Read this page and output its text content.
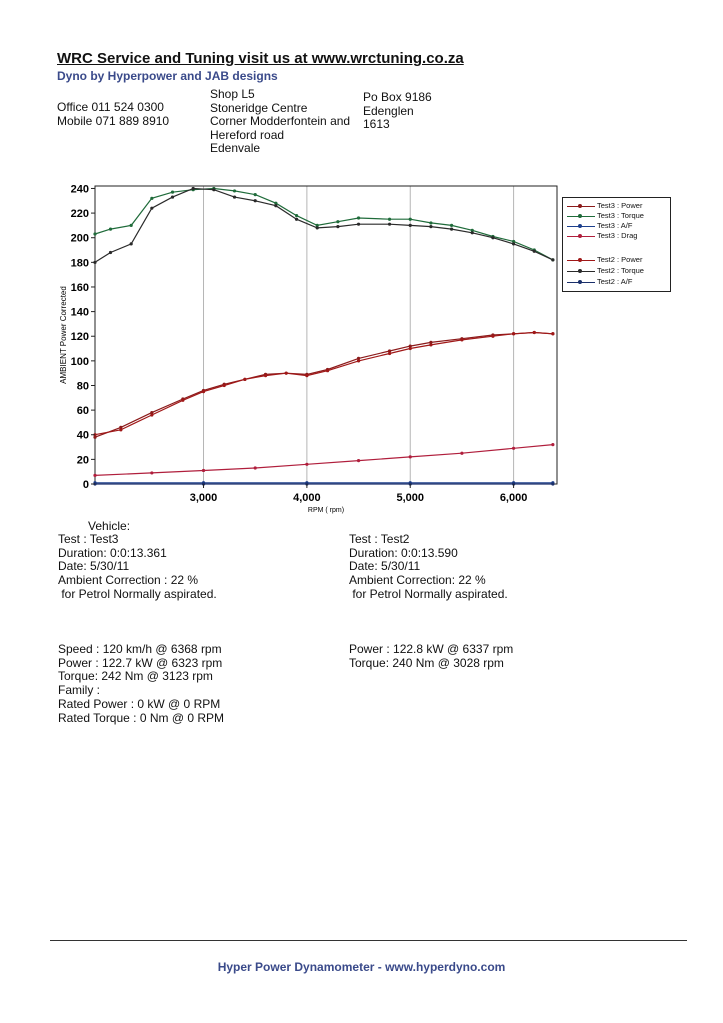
WRC Service and Tuning visit us at www.wrctuning.co.za
Dyno by Hyperpower and JAB designs
Office 011 524 0300
Mobile 071 889 8910
Shop L5
Stoneridge Centre
Corner Modderfontein and
Hereford road
Edenvale
Po Box 9186
Edenglen
1613
0
20
40
60
80
100
120
140
160
180
200
220
240
3,000	4,000	5,000	6,000
RPM ( rpm)
AMBIENT Power Corrected
Test3 : Power
Test3 : Torque
Test3 : A/F
Test3 : Drag
Test2 : Power
Test2 : Torque
Test2 : A/F
Vehicle:
Test : Test3
Duration: 0:0:13.361
Date: 5/30/11
Ambient Correction : 22 %
for Petrol Normally aspirated.
Test : Test2
Duration: 0:0:13.590
Date: 5/30/11
Ambient Correction: 22 %
for Petrol Normally aspirated.
Speed : 120 km/h @ 6368 rpm
Power : 122.7 kW @ 6323 rpm
Torque: 242 Nm @ 3123 rpm
Family :
Rated Power : 0 kW @ 0 RPM
Rated Torque : 0 Nm @ 0 RPM
Power : 122.8 kW @ 6337 rpm
Torque: 240 Nm @ 3028 rpm
Hyper Power Dynamometer - www.hyperdyno.com
